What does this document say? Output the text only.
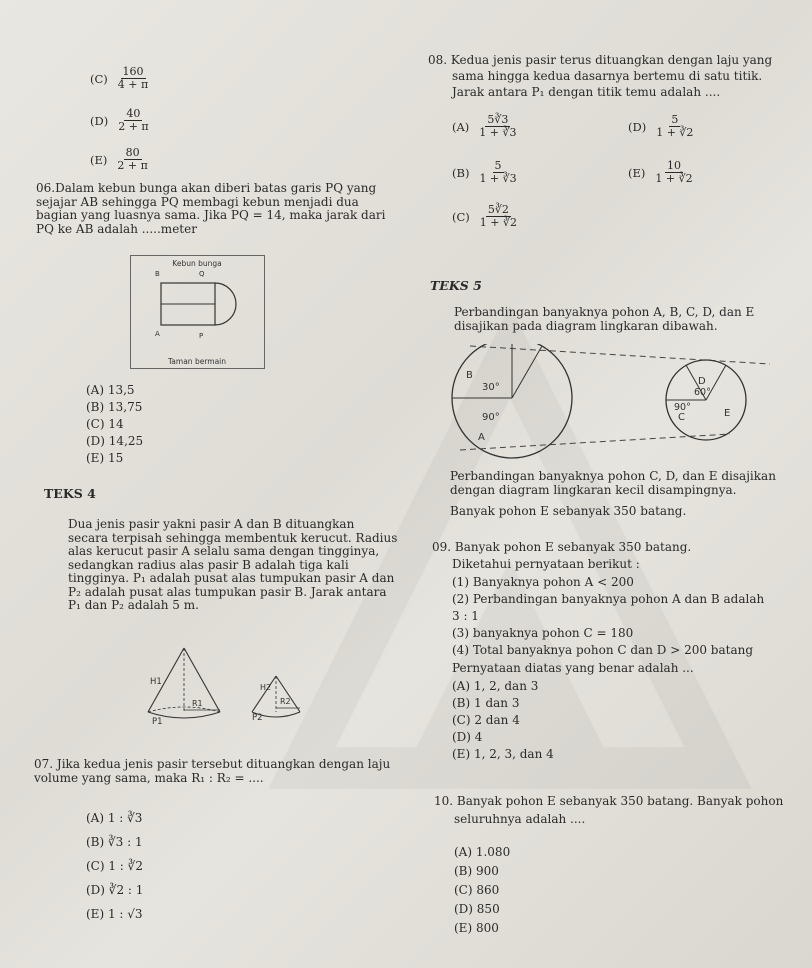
$(C) \frac{160}{4 + \pi}$
$(D) \frac{40}{2 + \pi}$
$(E) \frac{80}{2 + \pi}$
06.Dalam kebun bunga akan diberi batas garis PQ yang sejajar AB sehingga PQ membagi kebun menjadi dua bagian yang luasnya sama. Jika PQ = 14, maka jarak dari PQ ke AB adalah .....meter
Kebun bunga
B	Q
A	P
Taman bermain
(A) 13,5
(B) 13,75
(C) 14
(D) 14,25
(E) 15
TEKS 4
Dua jenis pasir yakni pasir A dan B dituangkan secara terpisah sehingga membentuk kerucut. Radius alas kerucut pasir A selalu sama dengan tingginya, sedangkan radius alas pasir B adalah tiga kali tingginya. P₁ adalah pusat alas tumpukan pasir A dan P₂ adalah pusat alas tumpukan pasir B. Jarak antara P₁ dan P₂ adalah 5 m.
H1
R1
P1
H2
R2
P2
07. Jika kedua jenis pasir tersebut dituangkan dengan laju volume yang sama, maka R₁ : R₂ = ....
(A) 1 : ∛3
(B) ∛3 : 1
(C) 1 : ∛2
(D) ∛2 : 1
(E) 1 : √3
08. Kedua jenis pasir terus dituangkan dengan laju yang
sama hingga kedua dasarnya bertemu di satu titik.
Jarak antara P₁ dengan titik temu adalah ....
$(A) \frac{5∛3}{1 + ∛3}$	$(D) \frac{5}{1 + ∛2}$
$(B) \frac{5}{1 + ∛3}$	$(E) \frac{10}{1 + ∛2}$
$(C) \frac{5∛2}{1 + ∛2}$
TEKS 5
Perbandingan banyaknya pohon A, B, C, D, dan E disajikan pada diagram lingkaran dibawah.
B
30°
90°
A
D
60°
90°
C	E
Perbandingan banyaknya pohon C, D, dan E disajikan dengan diagram lingkaran kecil disampingnya.
Banyak pohon E sebanyak 350 batang.
09. Banyak pohon E sebanyak 350 batang.
Diketahui pernyataan berikut :
(1) Banyaknya pohon A < 200
(2) Perbandingan banyaknya pohon A dan B adalah
3 : 1
(3) banyaknya pohon C = 180
(4) Total banyaknya pohon C dan D > 200 batang
Pernyataan diatas yang benar adalah ...
(A) 1, 2, dan 3
(B) 1 dan 3
(C) 2 dan 4
(D) 4
(E) 1, 2, 3, dan 4
10. Banyak pohon E sebanyak 350 batang. Banyak pohon
seluruhnya adalah ....
(A) 1.080
(B) 900
(C) 860
(D) 850
(E) 800
